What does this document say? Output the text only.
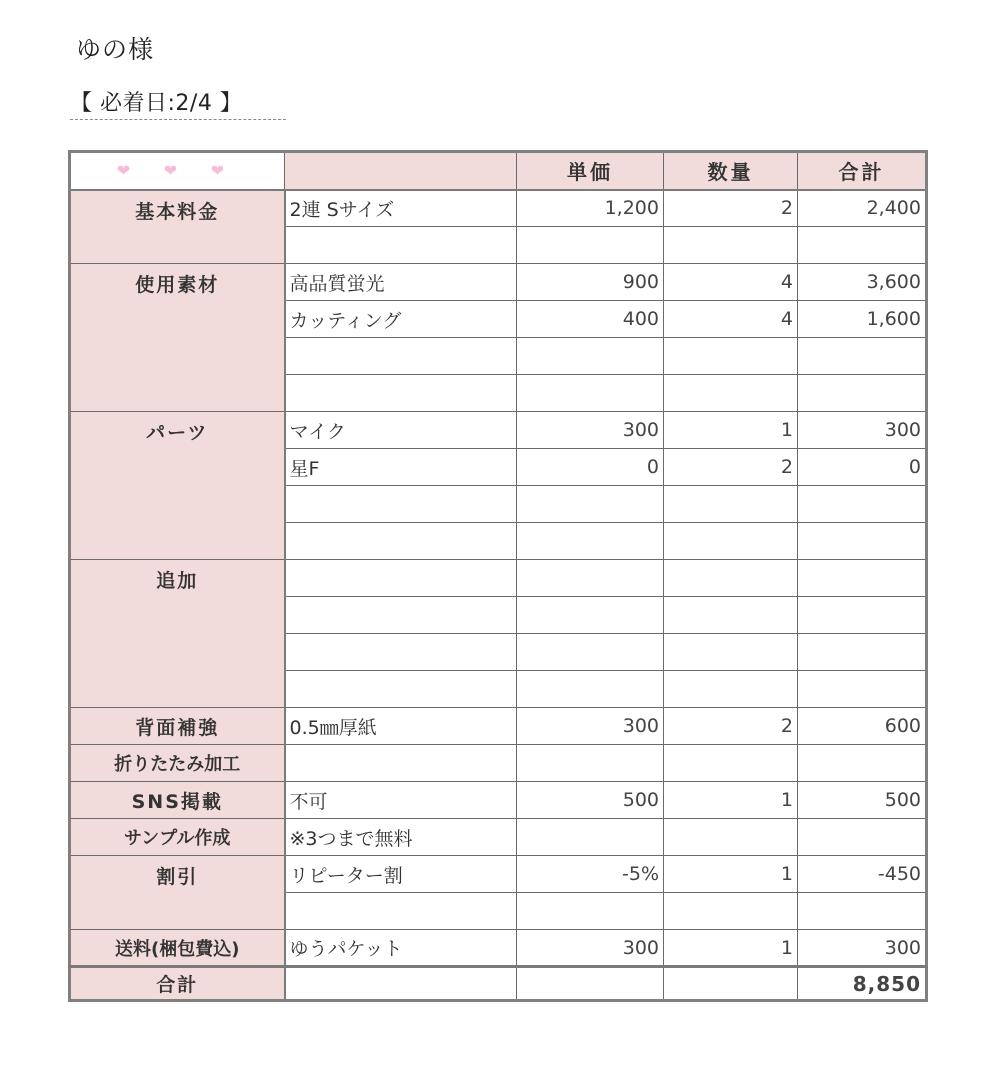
ゆの様
【 必着日:2/4 】
❤ ❤ ❤		単価	数量	合計
基本料金	2連 Sサイズ	1,200	2	2,400

使用素材	高品質蛍光	900	4	3,600
	カッティング	400	4	1,600

パーツ	マイク	300	1	300
	星F	0	2	0

追加				

背面補強	0.5㎜厚紙	300	2	600
折りたたみ加工				
SNS掲載	不可	500	1	500
サンプル作成	※3つまで無料			
割引	リピーター割	-5%	1	-450

送料(梱包費込)	ゆうパケット	300	1	300
合計				8,850
